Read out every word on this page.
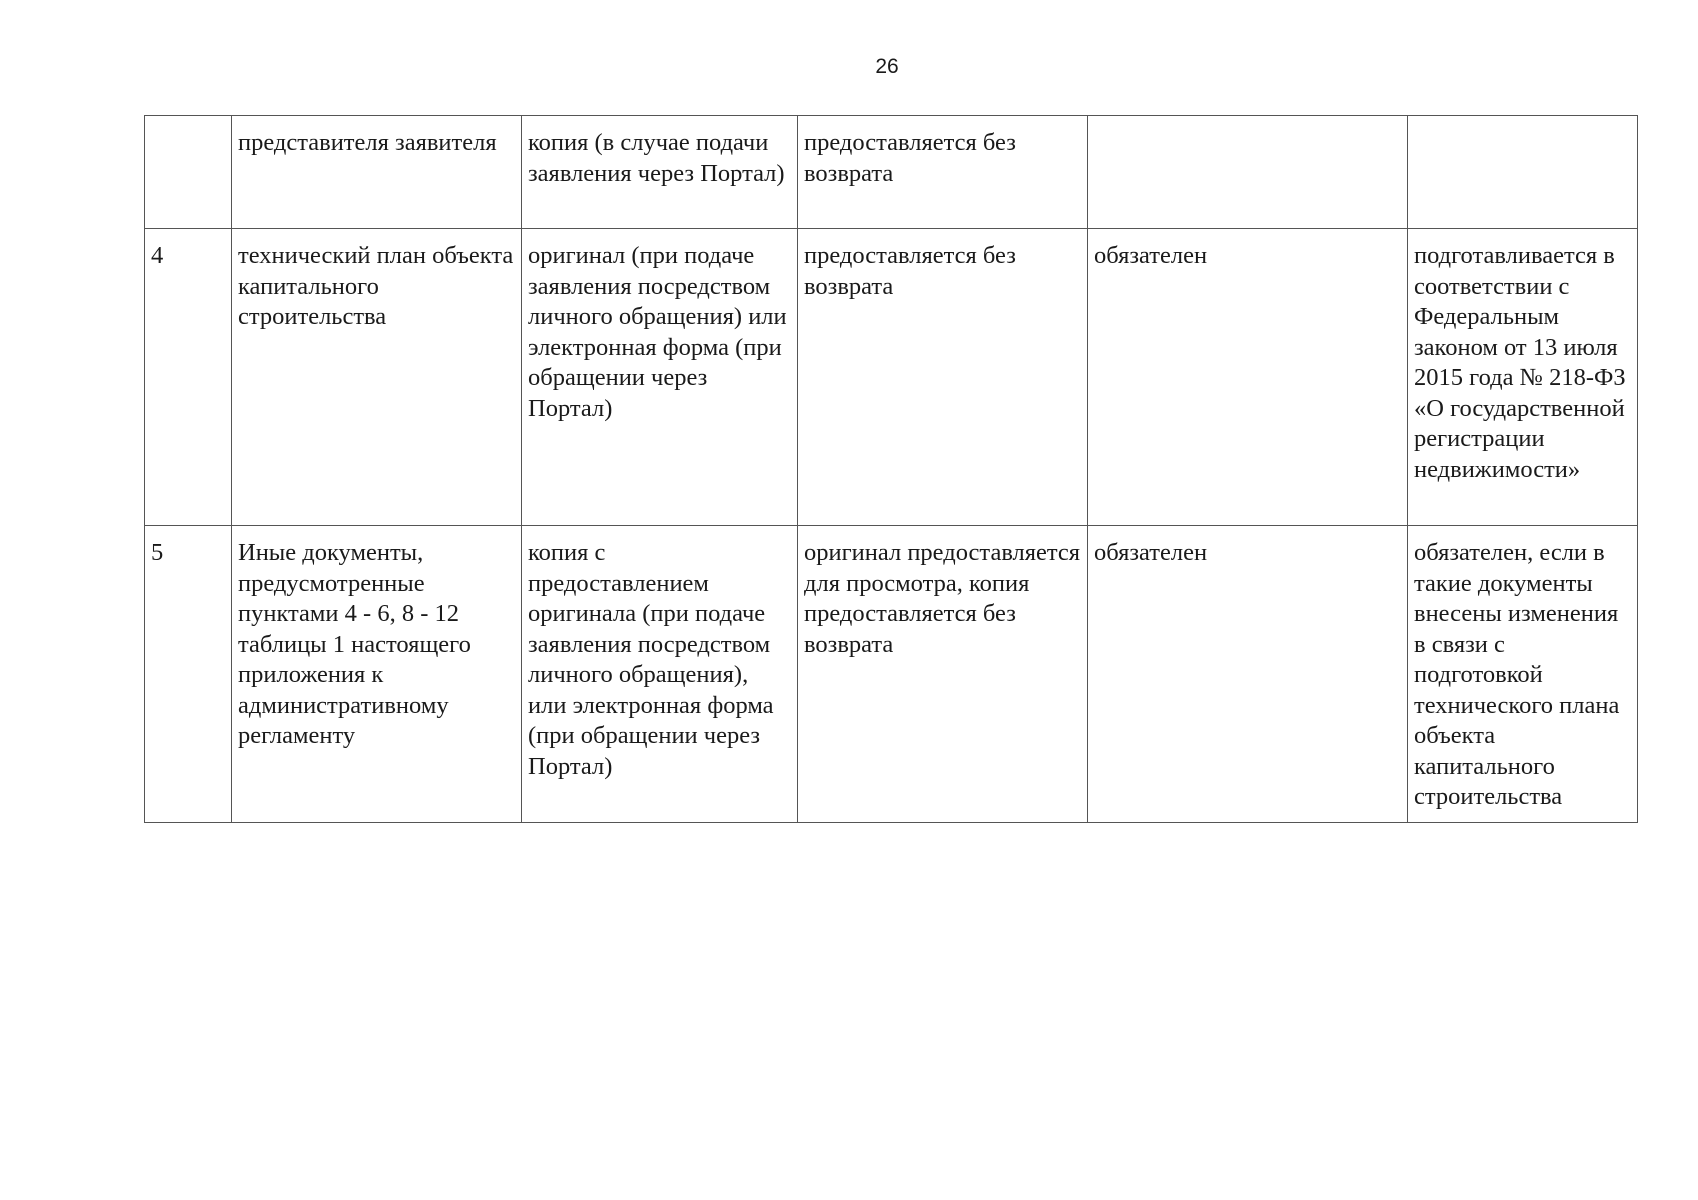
26
	представителя заявителя	копия (в случае подачи заявления через Портал)	предоставляется без возврата		
4	технический план объекта капитального строительства	оригинал (при подаче заявления посредством личного обращения) или электронная форма (при обращении через Портал)	предоставляется без возврата	обязателен	подготавливается в соответствии с Федеральным законом от 13 июля 2015 года № 218-ФЗ «О государственной регистрации недвижимости»
5	Иные документы, предусмотренные пунктами 4 - 6, 8 - 12 таблицы 1 настоящего приложения к административному регламенту	копия с предоставлением оригинала (при подаче заявления посредством личного обращения), или электронная форма (при обращении через Портал)	оригинал предоставляется для просмотра, копия предоставляется без возврата	обязателен	обязателен, если в такие документы внесены изменения в связи с подготовкой технического плана объекта капитального строительства
